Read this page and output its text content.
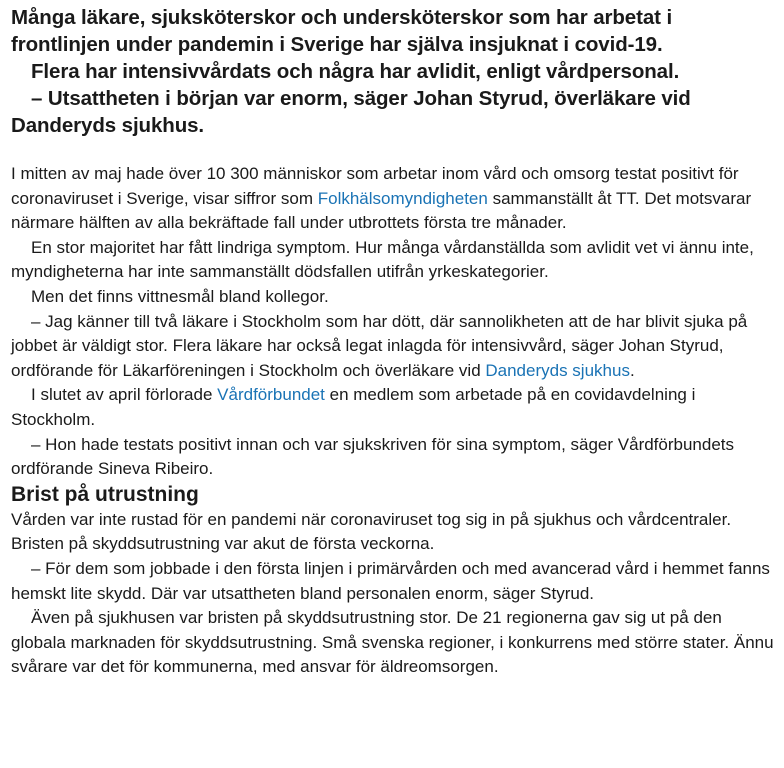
Många läkare, sjuksköterskor och undersköterskor som har arbetat i frontlinjen under pandemin i Sverige har själva insjuknat i covid-19.

Flera har intensivvårdats och några har avlidit, enligt vårdpersonal.

– Utsattheten i början var enorm, säger Johan Styrud, överläkare vid Danderyds sjukhus.

I mitten av maj hade över 10 300 människor som arbetar inom vård och omsorg testat positivt för coronaviruset i Sverige, visar siffror som Folkhälsomyndigheten sammanställt åt TT. Det motsvarar närmare hälften av alla bekräftade fall under utbrottets första tre månader.

En stor majoritet har fått lindriga symptom. Hur många vårdanställda som avlidit vet vi ännu inte, myndigheterna har inte sammanställt dödsfallen utifrån yrkeskategorier.

Men det finns vittnesmål bland kollegor.

– Jag känner till två läkare i Stockholm som har dött, där sannolikheten att de har blivit sjuka på jobbet är väldigt stor. Flera läkare har också legat inlagda för intensivvård, säger Johan Styrud, ordförande för Läkarföreningen i Stockholm och överläkare vid Danderyds sjukhus.

I slutet av april förlorade Vårdförbundet en medlem som arbetade på en covidavdelning i Stockholm.

– Hon hade testats positivt innan och var sjukskriven för sina symptom, säger Vårdförbundets ordförande Sineva Ribeiro.

Brist på utrustning

Vården var inte rustad för en pandemi när coronaviruset tog sig in på sjukhus och vårdcentraler. Bristen på skyddsutrustning var akut de första veckorna.

– För dem som jobbade i den första linjen i primärvården och med avancerad vård i hemmet fanns hemskt lite skydd. Där var utsattheten bland personalen enorm, säger Styrud.

Även på sjukhusen var bristen på skyddsutrustning stor. De 21 regionerna gav sig ut på den globala marknaden för skyddsutrustning. Små svenska regioner, i konkurrens med större stater. Ännu svårare var det för kommunerna, med ansvar för äldreomsorgen.
